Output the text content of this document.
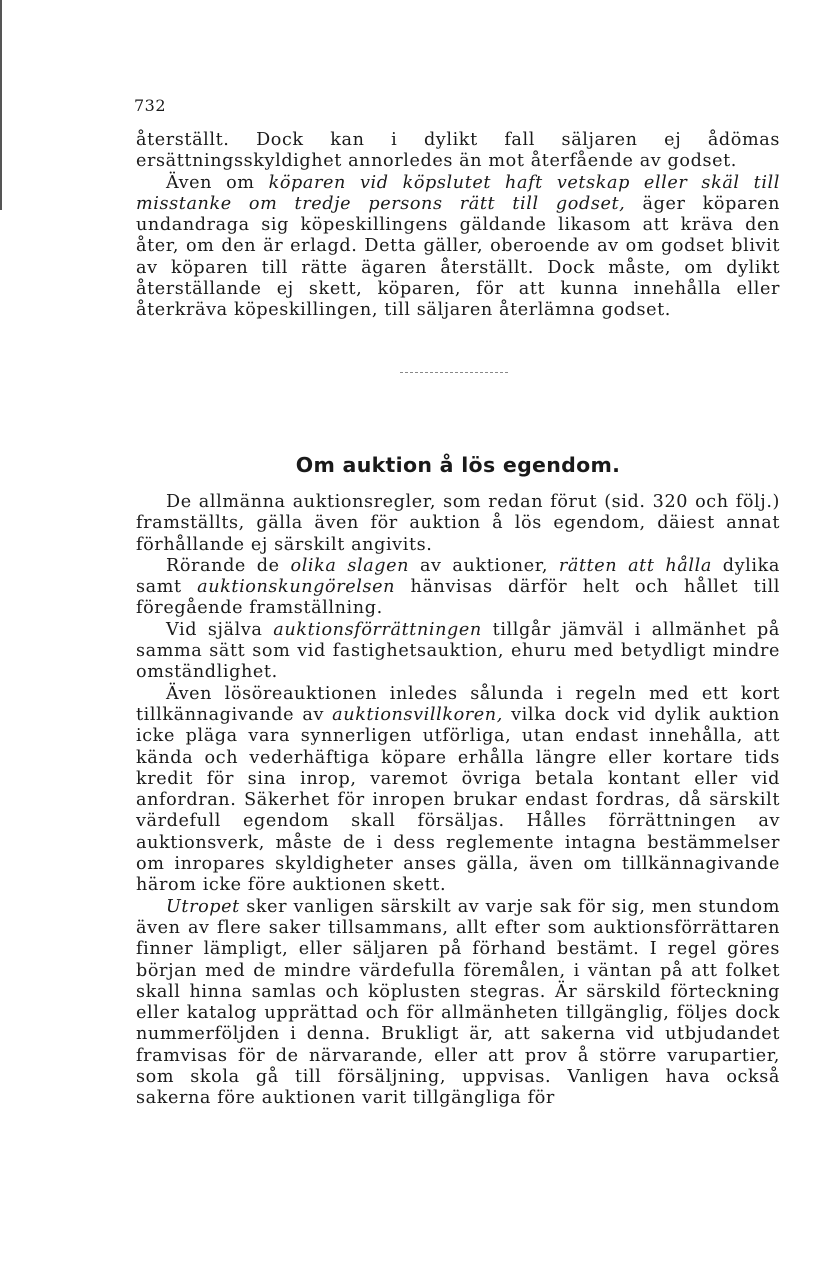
732

återställt. Dock kan i dylikt fall säljaren ej ådömas ersättningsskyldighet annorledes än mot återfående av godset.

Även om köparen vid köpslutet haft vetskap eller skäl till misstanke om tredje persons rätt till godset, äger köparen undandraga sig köpeskillingens gäldande likasom att kräva den åter, om den är erlagd. Detta gäller, oberoende av om godset blivit av köparen till rätte ägaren återställt. Dock måste, om dylikt återställande ej skett, köparen, för att kunna innehålla eller återkräva köpeskillingen, till säljaren återlämna godset.

Om auktion å lös egendom.

De allmänna auktionsregler, som redan förut (sid. 320 och följ.) framställts, gälla även för auktion å lös egendom, däiest annat förhållande ej särskilt angivits.

Rörande de olika slagen av auktioner, rätten att hålla dylika samt auktionskungörelsen hänvisas därför helt och hållet till föregående framställning.

Vid själva auktionsförrättningen tillgår jämväl i allmänhet på samma sätt som vid fastighetsauktion, ehuru med betydligt mindre omständlighet.

Även lösöreauktionen inledes sålunda i regeln med ett kort tillkännagivande av auktionsvillkoren, vilka dock vid dylik auktion icke pläga vara synnerligen utförliga, utan endast innehålla, att kända och vederhäftiga köpare erhålla längre eller kortare tids kredit för sina inrop, varemot övriga betala kontant eller vid anfordran. Säkerhet för inropen brukar endast fordras, då särskilt värdefull egendom skall försäljas. Hålles förrättningen av auktionsverk, måste de i dess reglemente intagna bestämmelser om inropares skyldigheter anses gälla, även om tillkännagivande härom icke före auktionen skett.

Utropet sker vanligen särskilt av varje sak för sig, men stundom även av flere saker tillsammans, allt efter som auktionsförrättaren finner lämpligt, eller säljaren på förhand bestämt. I regel göres början med de mindre värdefulla föremålen, i väntan på att folket skall hinna samlas och köplusten stegras. Är särskild förteckning eller katalog upprättad och för allmänheten tillgänglig, följes dock nummerföljden i denna. Brukligt är, att sakerna vid utbjudandet framvisas för de närvarande, eller att prov å större varupartier, som skola gå till försäljning, uppvisas. Vanligen hava också sakerna före auktionen varit tillgängliga för
